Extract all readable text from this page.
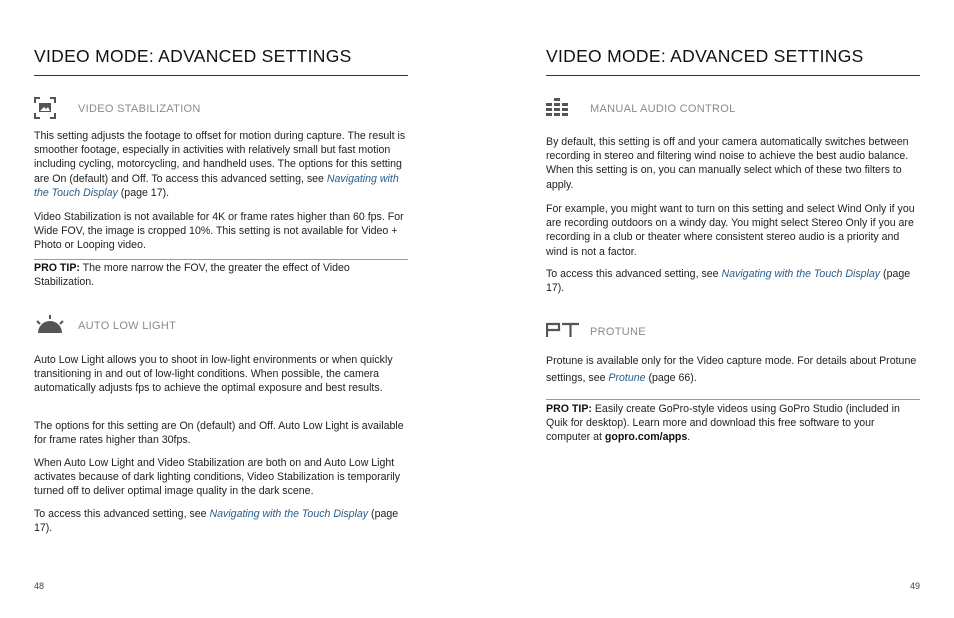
VIDEO MODE: ADVANCED SETTINGS
VIDEO STABILIZATION

This setting adjusts the footage to offset for motion during capture. The result is smoother footage, especially in activities with relatively small but fast motion including cycling, motorcycling, and handheld uses. The options for this setting are On (default) and Off. To access this advanced setting, see Navigating with the Touch Display (page 17).

Video Stabilization is not available for 4K or frame rates higher than 60 fps. For Wide FOV, the image is cropped 10%. This setting is not available for Video + Photo or Looping video.

PRO TIP: The more narrow the FOV, the greater the effect of Video Stabilization.

AUTO LOW LIGHT

Auto Low Light allows you to shoot in low-light environments or when quickly transitioning in and out of low-light conditions. When possible, the camera automatically adjusts fps to achieve the optimal exposure and best results.

The options for this setting are On (default) and Off. Auto Low Light is available for frame rates higher than 30fps.

When Auto Low Light and Video Stabilization are both on and Auto Low Light activates because of dark lighting conditions, Video Stabilization is temporarily turned off to deliver optimal image quality in the dark scene.

To access this advanced setting, see Navigating with the Touch Display (page 17).

48
VIDEO MODE: ADVANCED SETTINGS
MANUAL AUDIO CONTROL

By default, this setting is off and your camera automatically switches between recording in stereo and filtering wind noise to achieve the best audio balance. When this setting is on, you can manually select which of these two filters to apply.

For example, you might want to turn on this setting and select Wind Only if you are recording outdoors on a windy day. You might select Stereo Only if you are recording in a club or theater where consistent stereo audio is a priority and wind is not a factor.

To access this advanced setting, see Navigating with the Touch Display (page 17).

PROTUNE

Protune is available only for the Video capture mode. For details about Protune settings, see Protune (page 66).

PRO TIP: Easily create GoPro-style videos using GoPro Studio (included in Quik for desktop). Learn more and download this free software to your computer at gopro.com/apps.

49
